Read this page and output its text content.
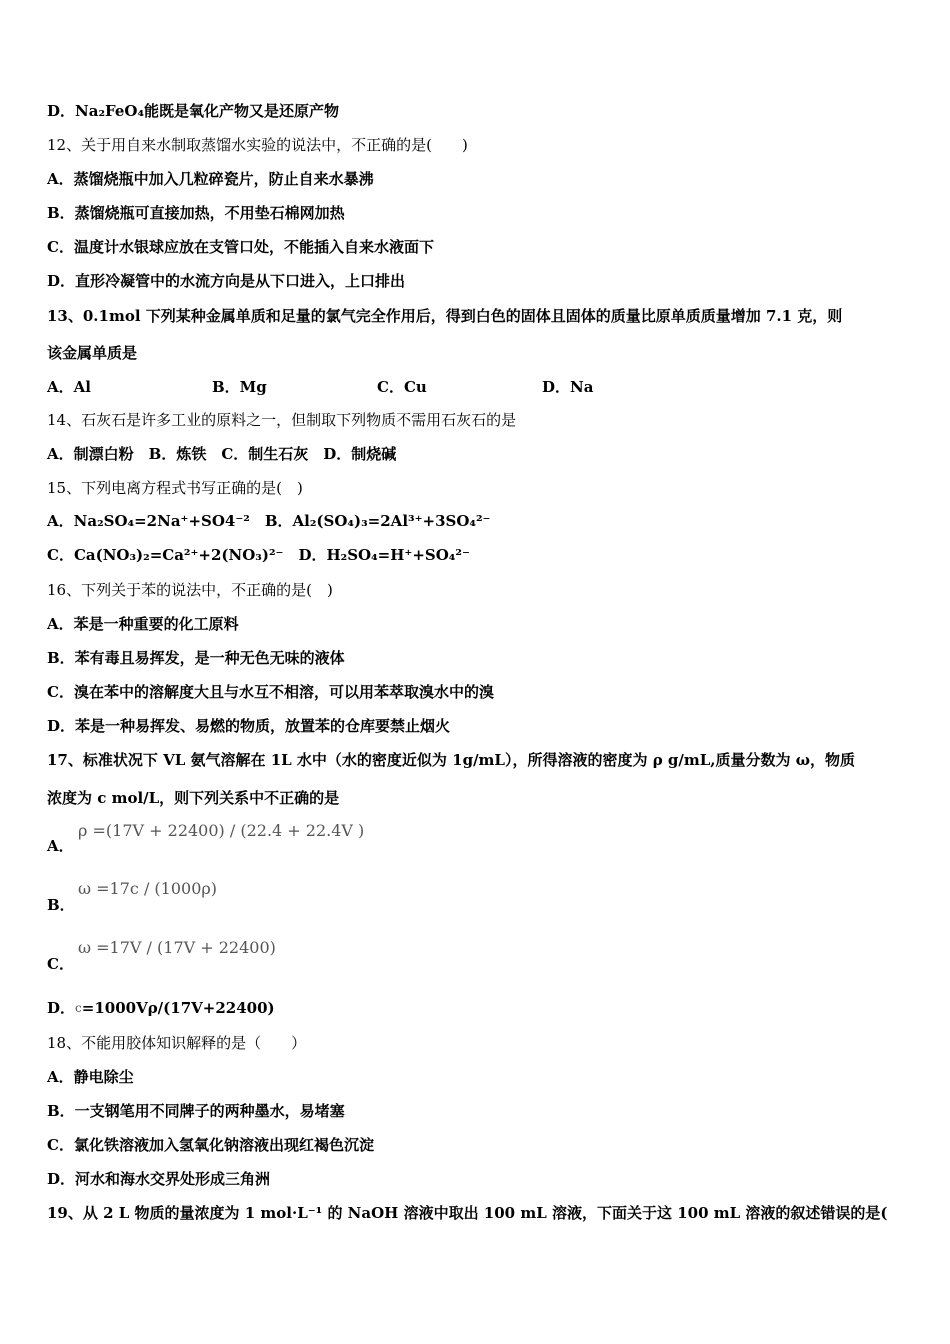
D．Na₂FeO₄能既是氧化产物又是还原产物
12、关于用自来水制取蒸馏水实验的说法中，不正确的是(　　)
A．蒸馏烧瓶中加入几粒碎瓷片，防止自来水暴沸
B．蒸馏烧瓶可直接加热，不用垫石棉网加热
C．温度计水银球应放在支管口处，不能插入自来水液面下
D．直形冷凝管中的水流方向是从下口进入，上口排出
13、0.1mol 下列某种金属单质和足量的氯气完全作用后，得到白色的固体且固体的质量比原单质质量增加 7.1 克，则
该金属单质是
A．Al	B．Mg	C．Cu	D．Na
14、石灰石是许多工业的原料之一，但制取下列物质不需用石灰石的是
A．制漂白粉　B．炼铁　C．制生石灰　D．制烧碱
15、下列电离方程式书写正确的是(　)
A．Na₂SO₄=2Na⁺+SO4⁻²　B．Al₂(SO₄)₃=2Al³⁺+3SO₄²⁻
C．Ca(NO₃)₂=Ca²⁺+2(NO₃)²⁻　D．H₂SO₄=H⁺+SO₄²⁻
16、下列关于苯的说法中，不正确的是(　)
A．苯是一种重要的化工原料
B．苯有毒且易挥发，是一种无色无味的液体
C．溴在苯中的溶解度大且与水互不相溶，可以用苯萃取溴水中的溴
D．苯是一种易挥发、易燃的物质，放置苯的仓库要禁止烟火
17、标准状况下 VL 氨气溶解在 1L 水中（水的密度近似为 1g/mL），所得溶液的密度为 ρ g/mL,质量分数为 ω，物质
浓度为 c mol/L，则下列关系中不正确的是
A．
ρ =(17V + 22400) / (22.4 + 22.4V )
B．
ω =17c / (1000ρ)
C．
ω =17V / (17V + 22400)
D．$^c$=1000Vρ/(17V+22400)
18、不能用胶体知识解释的是（　　）
A．静电除尘
B．一支钢笔用不同牌子的两种墨水，易堵塞
C．氯化铁溶液加入氢氧化钠溶液出现红褐色沉淀
D．河水和海水交界处形成三角洲
19、从 2 L 物质的量浓度为 1 mol·L⁻¹ 的 NaOH 溶液中取出 100 mL 溶液，下面关于这 100 mL 溶液的叙述错误的是(
